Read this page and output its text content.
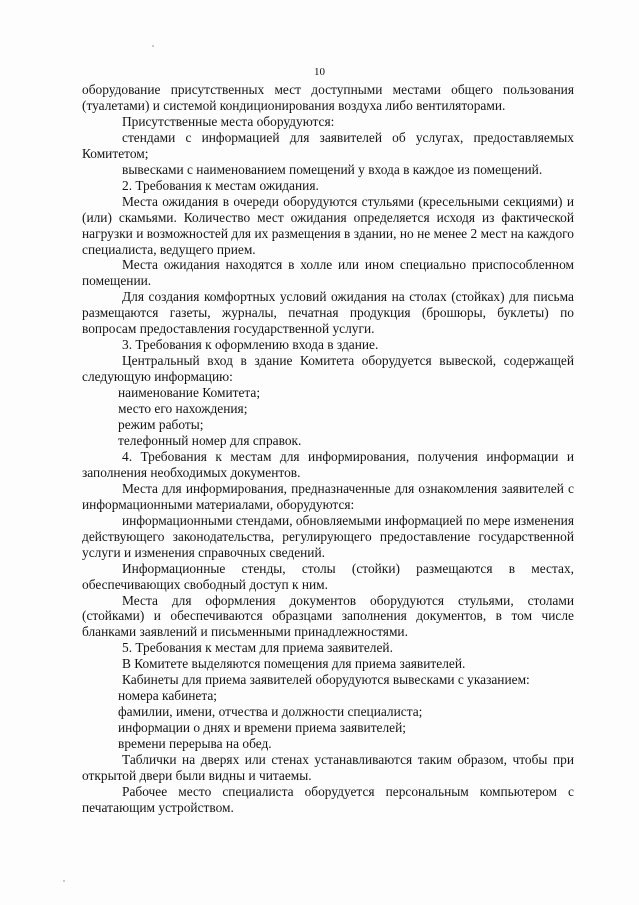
10

оборудование присутственных мест доступными местами общего пользования (туалетами) и системой кондиционирования воздуха либо вентиляторами.

Присутственные места оборудуются:

стендами с информацией для заявителей об услугах, предоставляемых Комитетом;

вывесками с наименованием помещений у входа в каждое из помещений.

2. Требования к местам ожидания.

Места ожидания в очереди оборудуются стульями (кресельными секциями) и (или) скамьями. Количество мест ожидания определяется исходя из фактической нагрузки и возможностей для их размещения в здании, но не менее 2 мест на каждого специалиста, ведущего прием.

Места ожидания находятся в холле или ином специально приспособленном помещении.

Для создания комфортных условий ожидания на столах (стойках) для письма размещаются газеты, журналы, печатная продукция (брошюры, буклеты) по вопросам предоставления государственной услуги.

3. Требования к оформлению входа в здание.

Центральный вход в здание Комитета оборудуется вывеской, содержащей следующую информацию:

наименование Комитета;

место его нахождения;

режим работы;

телефонный номер для справок.

4. Требования к местам для информирования, получения информации и заполнения необходимых документов.

Места для информирования, предназначенные для ознакомления заявителей с информационными материалами, оборудуются:

информационными стендами, обновляемыми информацией по мере изменения действующего законодательства, регулирующего предоставление государственной услуги и изменения справочных сведений.

Информационные стенды, столы (стойки) размещаются в местах, обеспечивающих свободный доступ к ним.

Места для оформления документов оборудуются стульями, столами (стойками) и обеспечиваются образцами заполнения документов, в том числе бланками заявлений и письменными принадлежностями.

5. Требования к местам для приема заявителей.

В Комитете выделяются помещения для приема заявителей.

Кабинеты для приема заявителей оборудуются вывесками с указанием:

номера кабинета;

фамилии, имени, отчества и должности специалиста;

информации о днях и времени приема заявителей;

времени перерыва на обед.

Таблички на дверях или стенах устанавливаются таким образом, чтобы при открытой двери были видны и читаемы.

Рабочее место специалиста оборудуется персональным компьютером с печатающим устройством.
